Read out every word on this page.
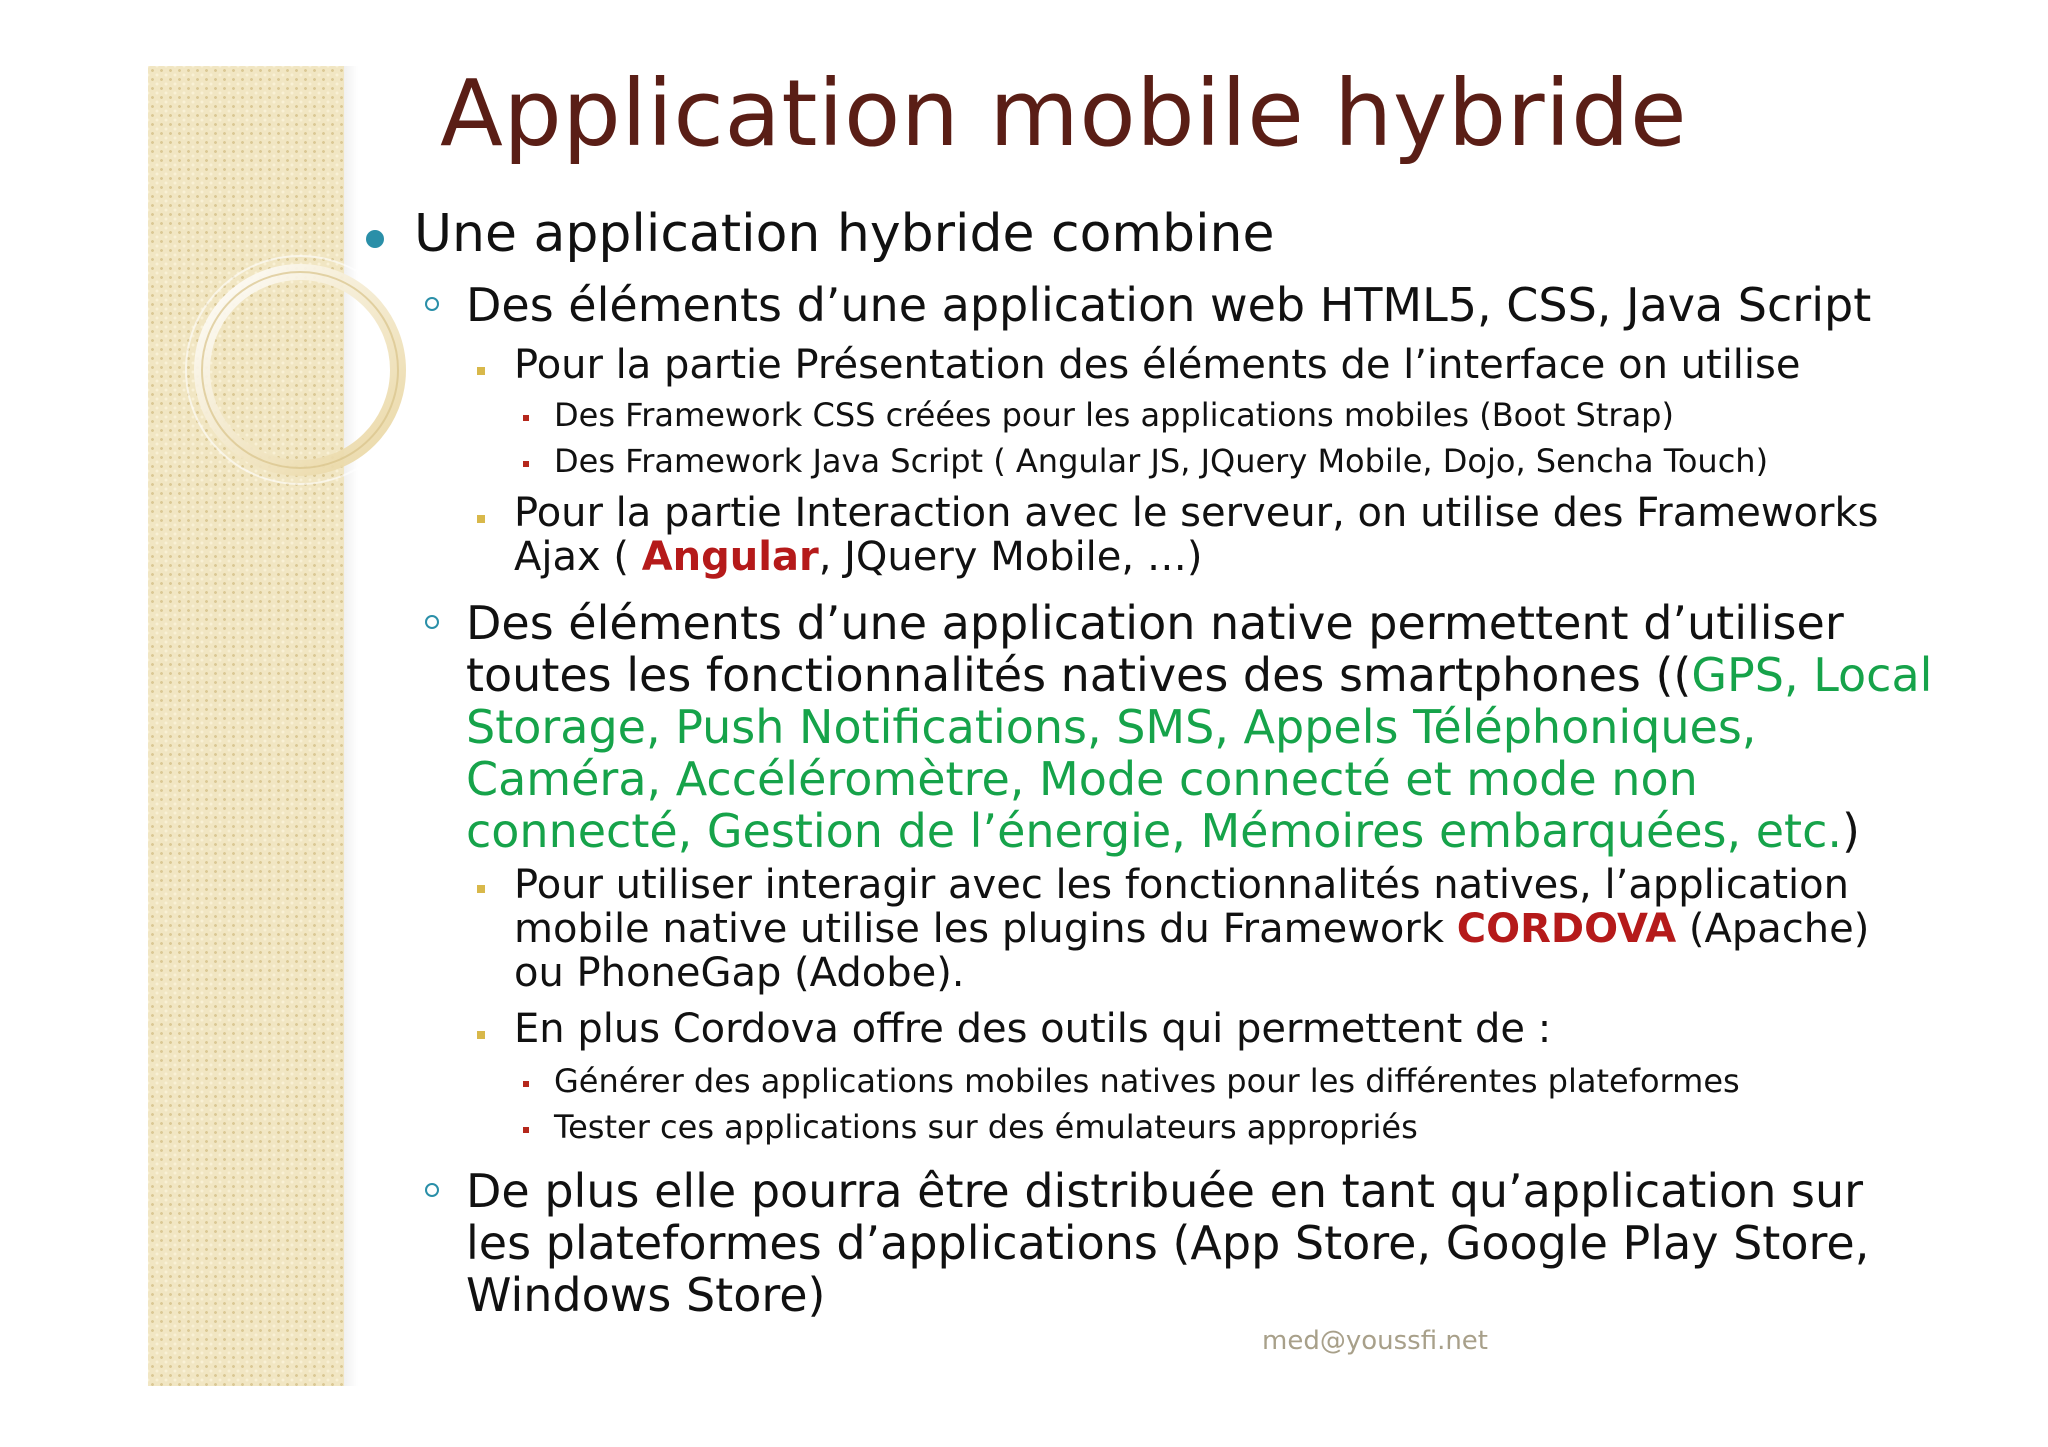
Application mobile hybride
Une application hybride combine
Des éléments d’une application web HTML5, CSS, Java Script
Pour la partie Présentation des éléments de l’interface on utilise
Des Framework CSS créées pour les applications mobiles (Boot Strap)
Des Framework Java Script ( Angular JS, JQuery Mobile, Dojo, Sencha Touch)
Pour la partie Interaction avec le serveur, on utilise des Frameworks
Ajax ( Angular, JQuery Mobile, …)
Des éléments d’une application native permettent d’utiliser
toutes les fonctionnalités natives des smartphones ((GPS, Local
Storage, Push Notifications, SMS, Appels Téléphoniques,
Caméra, Accéléromètre, Mode connecté et mode non
connecté, Gestion de l’énergie, Mémoires embarquées, etc.)
Pour utiliser interagir avec les fonctionnalités natives, l’application
mobile native utilise les plugins du Framework CORDOVA (Apache)
ou PhoneGap (Adobe).
En plus Cordova offre des outils qui permettent de :
Générer des applications mobiles natives pour les différentes plateformes
Tester ces applications sur des émulateurs appropriés
De plus elle pourra être distribuée en tant qu’application sur
les plateformes d’applications (App Store, Google Play Store,
Windows Store)
med@youssfi.net
